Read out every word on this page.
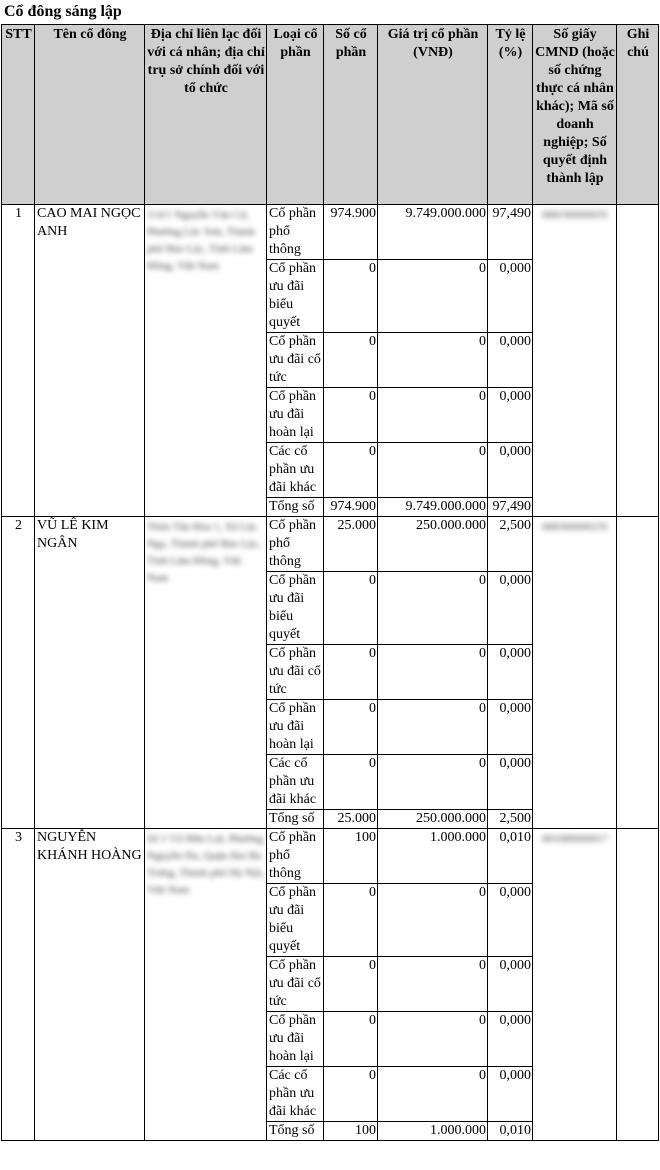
Cổ đông sáng lập
STT	Tên cổ đông	Địa chỉ liên lạc đối với cá nhân; địa chỉ trụ sở chính đối với tổ chức	Loại cổ phần	Số cổ phần	Giá trị cổ phần (VNĐ)	Tỷ lệ (%)	Số giấy CMND (hoặc số chứng thực cá nhân khác); Mã số doanh nghiệp; Số quyết định thành lập	Ghi chú
1	CAO MAI NGỌC ANH	114/1 Nguyễn Văn Cừ, Phường Lộc Sơn, Thành phố Bảo Lộc, Tỉnh Lâm Đồng, Việt Nam	Cổ phần phổ thông	974.900	9.749.000.000	97,490	068190000035	

			Cổ phần ưu đãi biểu quyết	0	0	0,000		
			Cổ phần ưu đãi cổ tức	0	0	0,000		
			Cổ phần ưu đãi hoàn lại	0	0	0,000		
			Các cổ phần ưu đãi khác	0	0	0,000		
			Tổng số	974.900	9.749.000.000	97,490		
2	VŨ LÊ KIM NGÂN	Thôn Tân Hóa 1, Xã Lộc Nga, Thành phố Bảo Lộc, Tỉnh Lâm Đồng, Việt Nam	Cổ phần phổ thông	25.000	250.000.000	2,500	068300000235	

			Cổ phần ưu đãi biểu quyết	0	0	0,000		
			Cổ phần ưu đãi cổ tức	0	0	0,000		
			Cổ phần ưu đãi hoàn lại	0	0	0,000		
			Các cổ phần ưu đãi khác	0	0	0,000		
			Tổng số	25.000	250.000.000	2,500		
3	NGUYỄN KHÁNH HOÀNG	Số 1 Võ Hữu Lợi, Phường Nguyễn Du, Quận Hai Bà Trưng, Thành phố Hà Nội, Việt Nam	Cổ phần phổ thông	100	1.000.000	0,010	001089000017	

			Cổ phần ưu đãi biểu quyết	0	0	0,000		
			Cổ phần ưu đãi cổ tức	0	0	0,000		
			Cổ phần ưu đãi hoàn lại	0	0	0,000		
			Các cổ phần ưu đãi khác	0	0	0,000		
			Tổng số	100	1.000.000	0,010		
